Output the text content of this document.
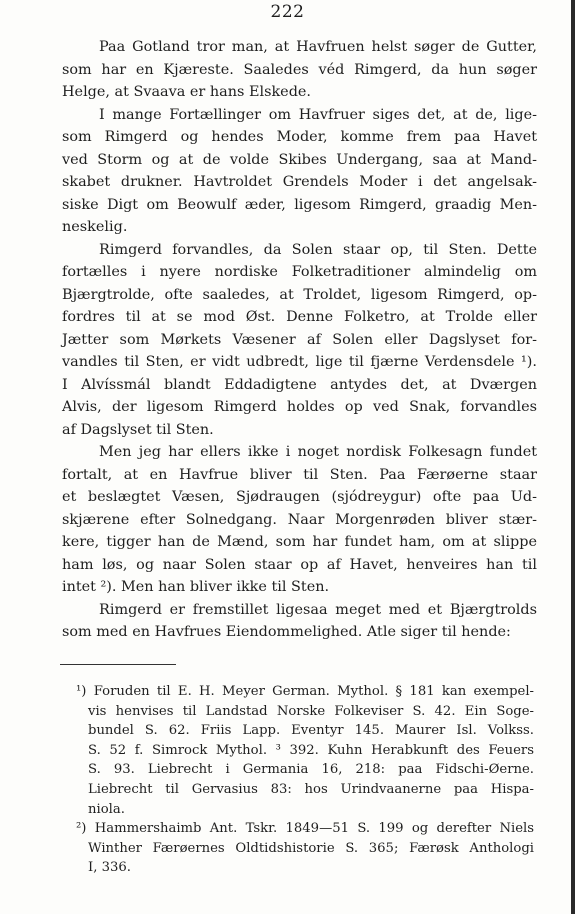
222
Paa Gotland tror man, at Havfruen helst søger de Gutter,
som har en Kjæreste. Saaledes véd Rimgerd, da hun søger
Helge, at Svaava er hans Elskede.
I mange Fortællinger om Havfruer siges det, at de, lige-
som Rimgerd og hendes Moder, komme frem paa Havet
ved Storm og at de volde Skibes Undergang, saa at Mand-
skabet drukner. Havtroldet Grendels Moder i det angelsak-
siske Digt om Beowulf æder, ligesom Rimgerd, graadig Men-
neskelig.
Rimgerd forvandles, da Solen staar op, til Sten. Dette
fortælles i nyere nordiske Folketraditioner almindelig om
Bjærgtrolde, ofte saaledes, at Troldet, ligesom Rimgerd, op-
fordres til at se mod Øst. Denne Folketro, at Trolde eller
Jætter som Mørkets Væsener af Solen eller Dagslyset for-
vandles til Sten, er vidt udbredt, lige til fjærne Verdensdele ¹).
I Alvíssmál blandt Eddadigtene antydes det, at Dværgen
Alvis, der ligesom Rimgerd holdes op ved Snak, forvandles
af Dagslyset til Sten.
Men jeg har ellers ikke i noget nordisk Folkesagn fundet
fortalt, at en Havfrue bliver til Sten. Paa Færøerne staar
et beslægtet Væsen, Sjødraugen (sjódreygur) ofte paa Ud-
skjærene efter Solnedgang. Naar Morgenrøden bliver stær-
kere, tigger han de Mænd, som har fundet ham, om at slippe
ham løs, og naar Solen staar op af Havet, henveires han til
intet ²). Men han bliver ikke til Sten.
Rimgerd er fremstillet ligesaa meget med et Bjærgtrolds
som med en Havfrues Eiendommelighed. Atle siger til hende:
¹) Foruden til E. H. Meyer German. Mythol. § 181 kan exempel-
vis henvises til Landstad Norske Folkeviser S. 42. Ein Soge-
bundel S. 62. Friis Lapp. Eventyr 145. Maurer Isl. Volkss.
S. 52 f. Simrock Mythol. ³ 392. Kuhn Herabkunft des Feuers
S. 93. Liebrecht i Germania 16, 218: paa Fidschi-Øerne.
Liebrecht til Gervasius 83: hos Urindvaanerne paa Hispa-
niola.
²) Hammershaimb Ant. Tskr. 1849—51 S. 199 og derefter Niels
Winther Færøernes Oldtidshistorie S. 365; Færøsk Anthologi
I, 336.
